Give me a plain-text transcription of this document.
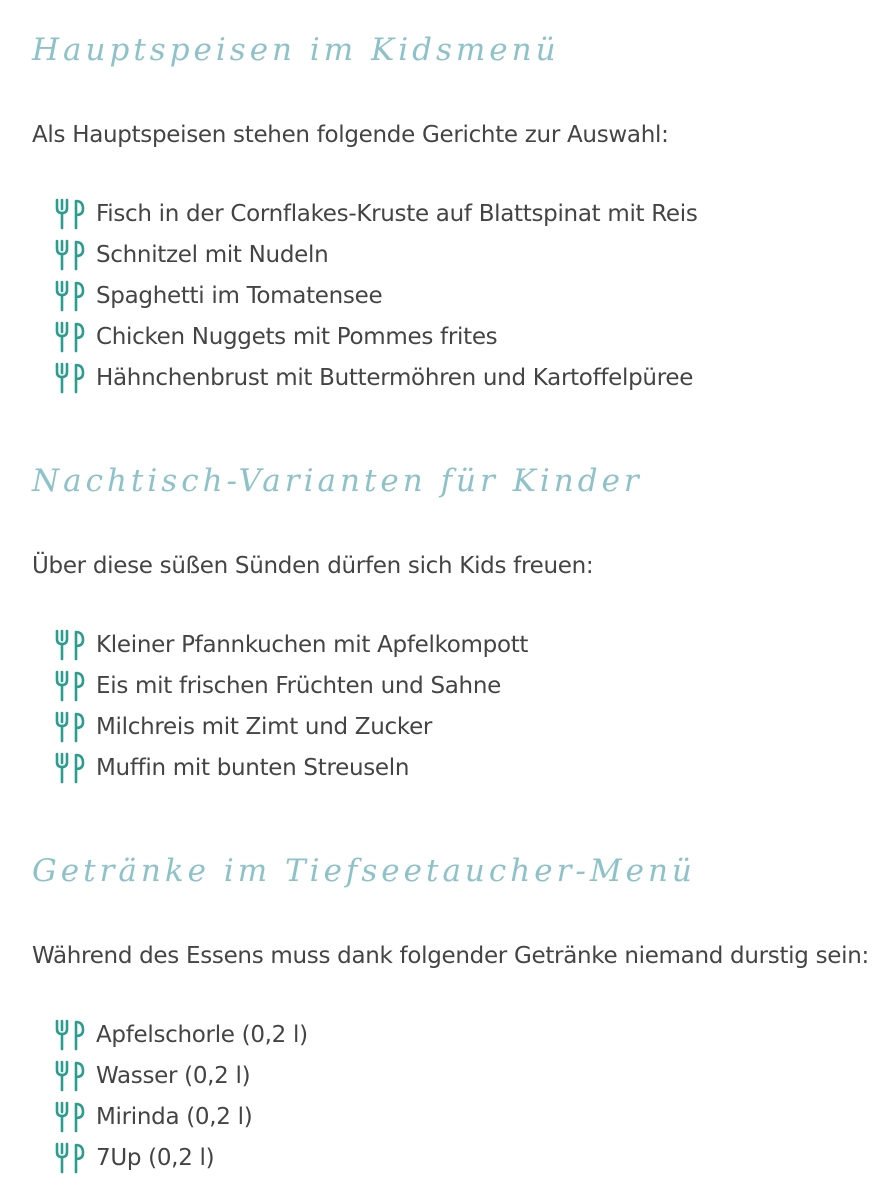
Hauptspeisen im Kidsmenü

Als Hauptspeisen stehen folgende Gerichte zur Auswahl:

Fisch in der Cornflakes-Kruste auf Blattspinat mit Reis
Schnitzel mit Nudeln
Spaghetti im Tomatensee
Chicken Nuggets mit Pommes frites
Hähnchenbrust mit Buttermöhren und Kartoffelpüree
Nachtisch-Varianten für Kinder

Über diese süßen Sünden dürfen sich Kids freuen:

Kleiner Pfannkuchen mit Apfelkompott
Eis mit frischen Früchten und Sahne
Milchreis mit Zimt und Zucker
Muffin mit bunten Streuseln
Getränke im Tiefseetaucher-Menü

Während des Essens muss dank folgender Getränke niemand durstig sein:

Apfelschorle (0,2 l)
Wasser (0,2 l)
Mirinda (0,2 l)
7Up (0,2 l)
